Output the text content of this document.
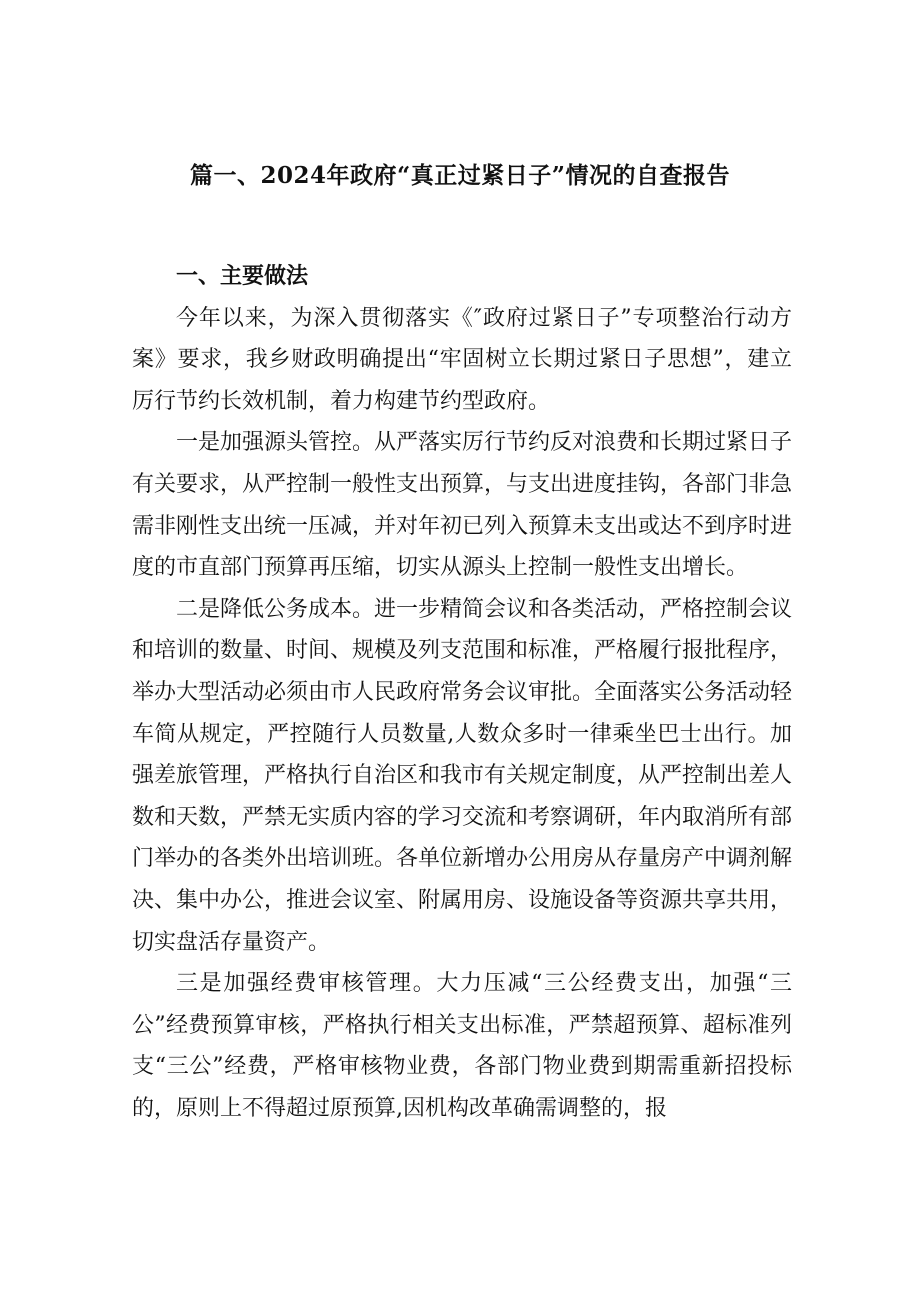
篇一、2024年政府“真正过紧日子”情况的自查报告

一、主要做法

今年以来，为深入贯彻落实《″政府过紧日子”专项整治行动方案》要求，我乡财政明确提出“牢固树立长期过紧日子思想”，建立厉行节约长效机制，着力构建节约型政府。

一是加强源头管控。从严落实厉行节约反对浪费和长期过紧日子有关要求，从严控制一般性支出预算，与支出进度挂钩，各部门非急需非刚性支出统一压减，并对年初已列入预算未支出或达不到序时进度的市直部门预算再压缩，切实从源头上控制一般性支出增长。

二是降低公务成本。进一步精简会议和各类活动，严格控制会议和培训的数量、时间、规模及列支范围和标准，严格履行报批程序，举办大型活动必须由市人民政府常务会议审批。全面落实公务活动轻车简从规定，严控随行人员数量,人数众多时一律乘坐巴士出行。加强差旅管理，严格执行自治区和我市有关规定制度，从严控制出差人数和天数，严禁无实质内容的学习交流和考察调研，年内取消所有部门举办的各类外出培训班。各单位新增办公用房从存量房产中调剂解决、集中办公，推进会议室、附属用房、设施设备等资源共享共用，切实盘活存量资产。

三是加强经费审核管理。大力压减“三公经费支出，加强“三公”经费预算审核，严格执行相关支出标准，严禁超预算、超标准列支“三公”经费，严格审核物业费，各部门物业费到期需重新招投标的，原则上不得超过原预算,因机构改革确需调整的，报
